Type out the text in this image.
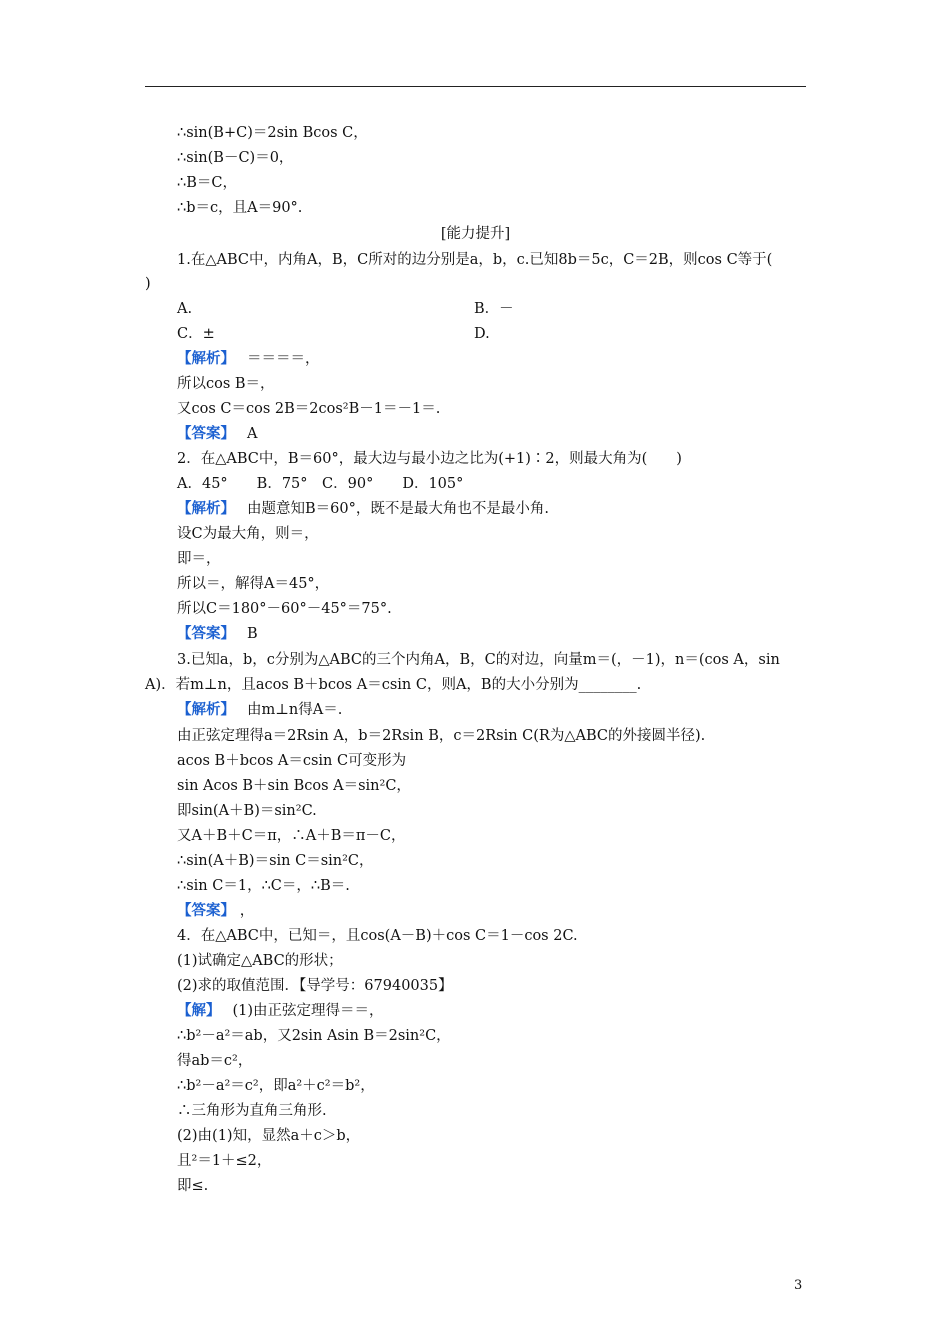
∴sin(B+C)＝2sin Bcos C，
∴sin(B－C)＝0，
∴B＝C，
∴b＝c，且A＝90°.
[能力提升]
1.在△ABC中，内角A，B，C所对的边分别是a，b，c.已知8b＝5c，C＝2B，则cos C等于(
)
A.	B．－
C．±	D.
【解析】 ＝＝＝＝，
所以cos B＝，
又cos C＝cos 2B＝2cos²B－1＝－1＝.
【答案】 A
2．在△ABC中，B＝60°，最大边与最小边之比为(+1)∶2，则最大角为(　　)
A．45°　　B．75°　C．90°　　D．105°
【解析】 由题意知B＝60°，既不是最大角也不是最小角.
设C为最大角，则＝，
即＝，
所以＝，解得A＝45°，
所以C＝180°－60°－45°＝75°.
【答案】 B
3.已知a，b，c分别为△ABC的三个内角A，B，C的对边，向量m＝(，－1)，n＝(cos A，sin
A)．若m⊥n，且acos B＋bcos A＝csin C，则A，B的大小分别为________.
【解析】 由m⊥n得A＝.
由正弦定理得a＝2Rsin A，b＝2Rsin B，c＝2Rsin C(R为△ABC的外接圆半径).
acos B＋bcos A＝csin C可变形为
sin Acos B＋sin Bcos A＝sin²C，
即sin(A＋B)＝sin²C.
又A＋B＋C＝π，∴A＋B＝π－C，
∴sin(A＋B)＝sin C＝sin²C，
∴sin C＝1，∴C＝，∴B＝.
【答案】 ，
4．在△ABC中，已知＝，且cos(A－B)＋cos C＝1－cos 2C.
(1)试确定△ABC的形状；
(2)求的取值范围．【导学号：67940035】
【解】 (1)由正弦定理得＝＝，
∴b²－a²＝ab，又2sin Asin B＝2sin²C，
得ab＝c²，
∴b²－a²＝c²，即a²＋c²＝b²，
∴三角形为直角三角形.
(2)由(1)知，显然a＋c＞b，
且²＝1＋≤2，
即≤.
3
